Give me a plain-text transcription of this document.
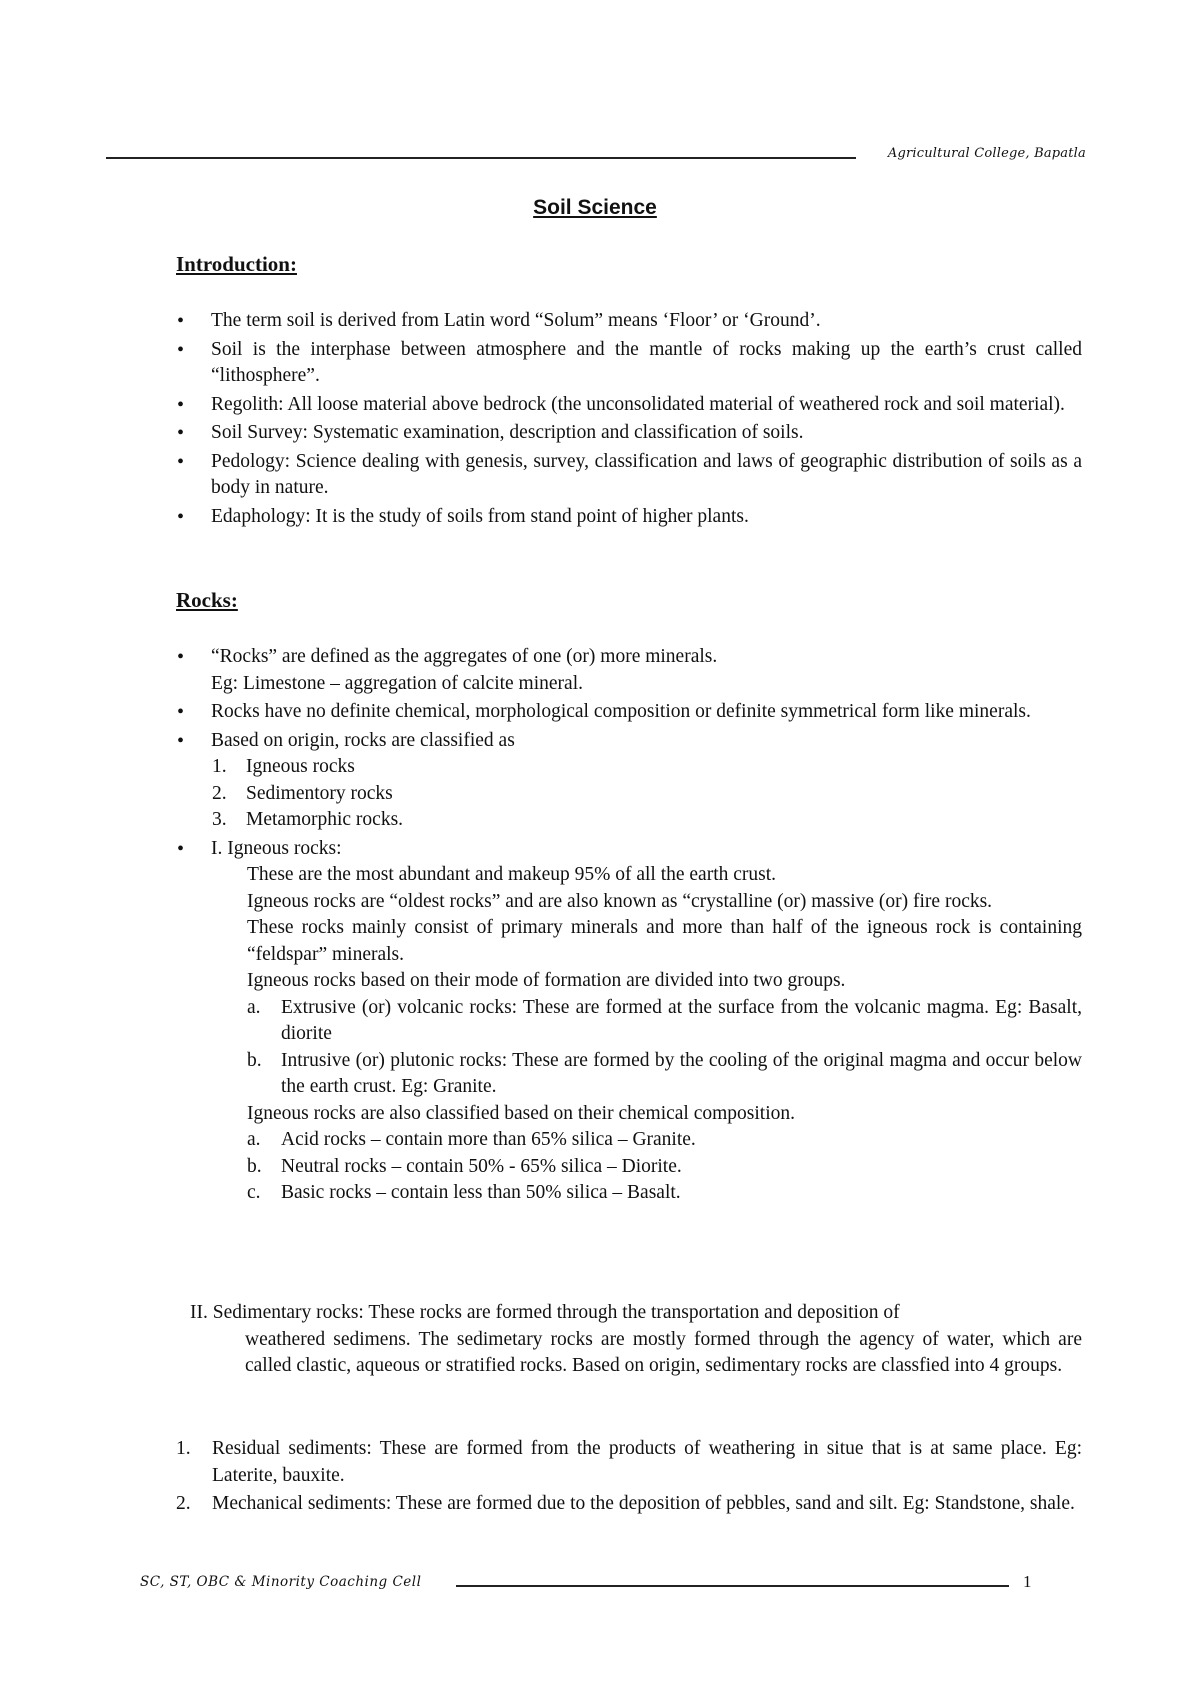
Agricultural College, Bapatla
Soil Science
Introduction:
• The term soil is derived from Latin word “Solum” means ‘Floor’ or ‘Ground’.
• Soil is the interphase between atmosphere and the mantle of rocks making up the earth’s crust called “lithosphere”.
• Regolith: All loose material above bedrock (the unconsolidated material of weathered rock and soil material).
• Soil Survey: Systematic examination, description and classification of soils.
• Pedology: Science dealing with genesis, survey, classification and laws of geographic distribution of soils as a body in nature.
• Edaphology: It is the study of soils from stand point of higher plants.
Rocks:
• “Rocks” are defined as the aggregates of one (or) more minerals.
Eg: Limestone – aggregation of calcite mineral.
• Rocks have no definite chemical, morphological composition or definite symmetrical form like minerals.
• Based on origin, rocks are classified as
1. Igneous rocks
2. Sedimentory rocks
3. Metamorphic rocks.
• I. Igneous rocks:
These are the most abundant and makeup 95% of all the earth crust.
Igneous rocks are “oldest rocks” and are also known as “crystalline (or) massive (or) fire rocks.
These rocks mainly consist of primary minerals and more than half of the igneous rock is containing “feldspar” minerals.
Igneous rocks based on their mode of formation are divided into two groups.
a. Extrusive (or) volcanic rocks: These are formed at the surface from the volcanic magma. Eg: Basalt, diorite
b. Intrusive (or) plutonic rocks: These are formed by the cooling of the original magma and occur below the earth crust. Eg: Granite.
Igneous rocks are also classified based on their chemical composition.
a. Acid rocks – contain more than 65% silica – Granite.
b. Neutral rocks – contain 50% - 65% silica – Diorite.
c. Basic rocks – contain less than 50% silica – Basalt.
II. Sedimentary rocks: These rocks are formed through the transportation and deposition of
weathered sedimens. The sedimetary rocks are mostly formed through the agency of water, which are called clastic, aqueous or stratified rocks. Based on origin, sedimentary rocks are classfied into 4 groups.
1. Residual sediments: These are formed from the products of weathering in situe that is at same place. Eg: Laterite, bauxite.
2. Mechanical sediments: These are formed due to the deposition of pebbles, sand and silt. Eg: Standstone, shale.
SC, ST, OBC & Minority Coaching Cell	1
